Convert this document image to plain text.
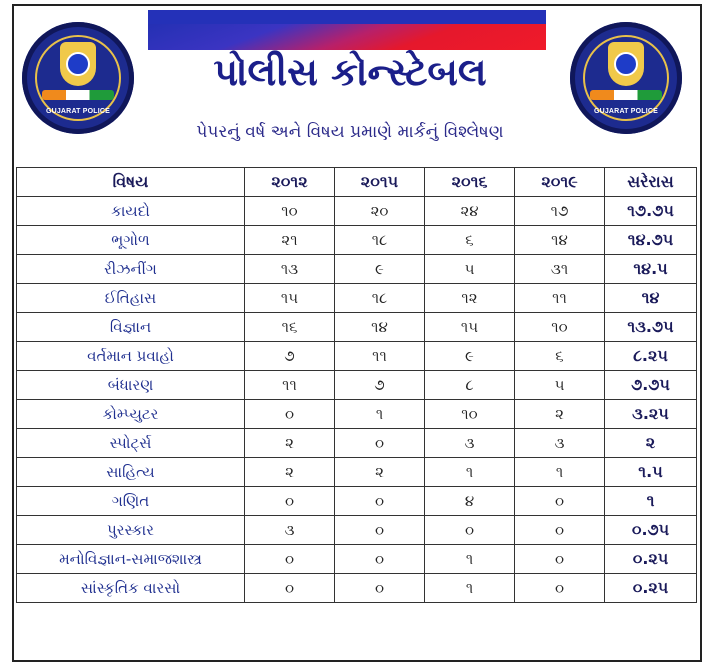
GUJARAT POLICE	GUJARAT POLICE
પોલીસ કોન્સ્ટેબલ
પેપરનું વર્ષ અને વિષય પ્રમાણે માર્કનું વિશ્લેષણ
વિષય	૨૦૧૨	૨૦૧૫	૨૦૧૬	૨૦૧૯	સરેરાસ
કાયદો	૧૦	૨૦	૨૪	૧૭	૧૭.૭૫
ભૂગોળ	૨૧	૧૮	૬	૧૪	૧૪.૭૫
રીઝનીંગ	૧૩	૯	૫	૩૧	૧૪.૫
ઈતિહાસ	૧૫	૧૮	૧૨	૧૧	૧૪
વિજ્ઞાન	૧૬	૧૪	૧૫	૧૦	૧૩.૭૫
વર્તમાન પ્રવાહો	૭	૧૧	૯	૬	૮.૨૫
બંધારણ	૧૧	૭	૮	૫	૭.૭૫
કોમ્પ્યુટર	૦	૧	૧૦	૨	૩.૨૫
સ્પોર્ટ્સ	૨	૦	૩	૩	૨
સાહિત્ય	૨	૨	૧	૧	૧.૫
ગણિત	૦	૦	૪	૦	૧
પુરસ્કાર	૩	૦	૦	૦	૦.૭૫
મનોવિજ્ઞાન-સમાજશાસ્ત્ર	૦	૦	૧	૦	૦.૨૫
સાંસ્કૃતિક વારસો	૦	૦	૧	૦	૦.૨૫
